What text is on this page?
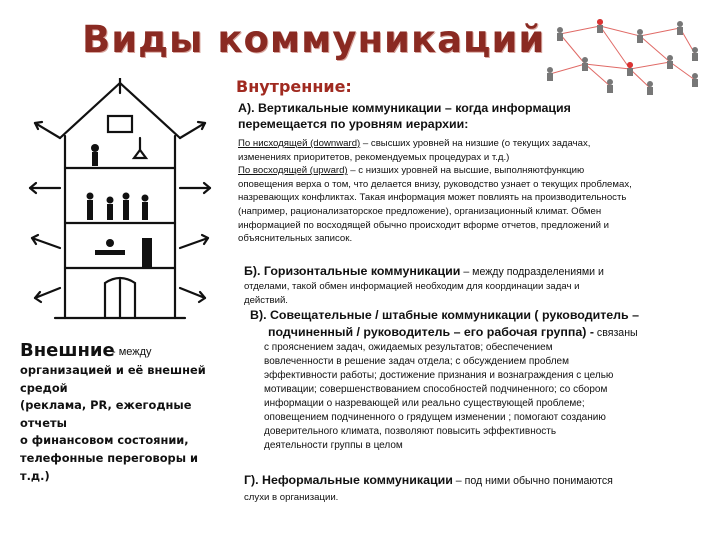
Виды коммуникаций
Внутренние:
А). Вертикальные коммуникации – когда информация
перемещается по уровням иерархии:
По нисходящей (downward) – свысших уровней на низшие (о текущих задачах,
изменениях приоритетов, рекомендуемых процедурах и т.д.)
По восходящей (upward) – с низших уровней на высшие, выполняютфункцию
оповещения верха о том, что делается внизу, руководство узнает о текущих проблемах,
назревающих конфликтах. Такая информация может повлиять на производительность
(например, рационализаторское предложение), организационный климат. Обмен
информацией по восходящей обычно происходит вформе отчетов, предложений и
объяснительных записок.
Б). Горизонтальные коммуникации – между подразделениями и
отделами, такой обмен информацией необходим для координации задач и
действий.
В). Совещательные / штабные коммуникации ( руководитель –
подчиненный / руководитель – его рабочая группа) - связаны
с прояснением задач, ожидаемых результатов; обеспечением
вовлеченности в решение задач отдела; с обсуждением проблем
эффективности работы; достижение признания и вознаграждения с целью
мотивации; совершенствованием способностей подчиненного; со сбором
информации о назревающей или реально существующей проблеме;
оповещением подчиненного о грядущем изменении ; помогают созданию
доверительного климата, позволяют повысить эффективность
деятельности группы в целом
Г). Неформальные коммуникации – под ними обычно понимаются
слухи в организации.
Внешние
- между
организацией и её внешней
средой
(реклама, PR, ежегодные отчеты
о финансовом состоянии,
телефонные переговоры и т.д.)
